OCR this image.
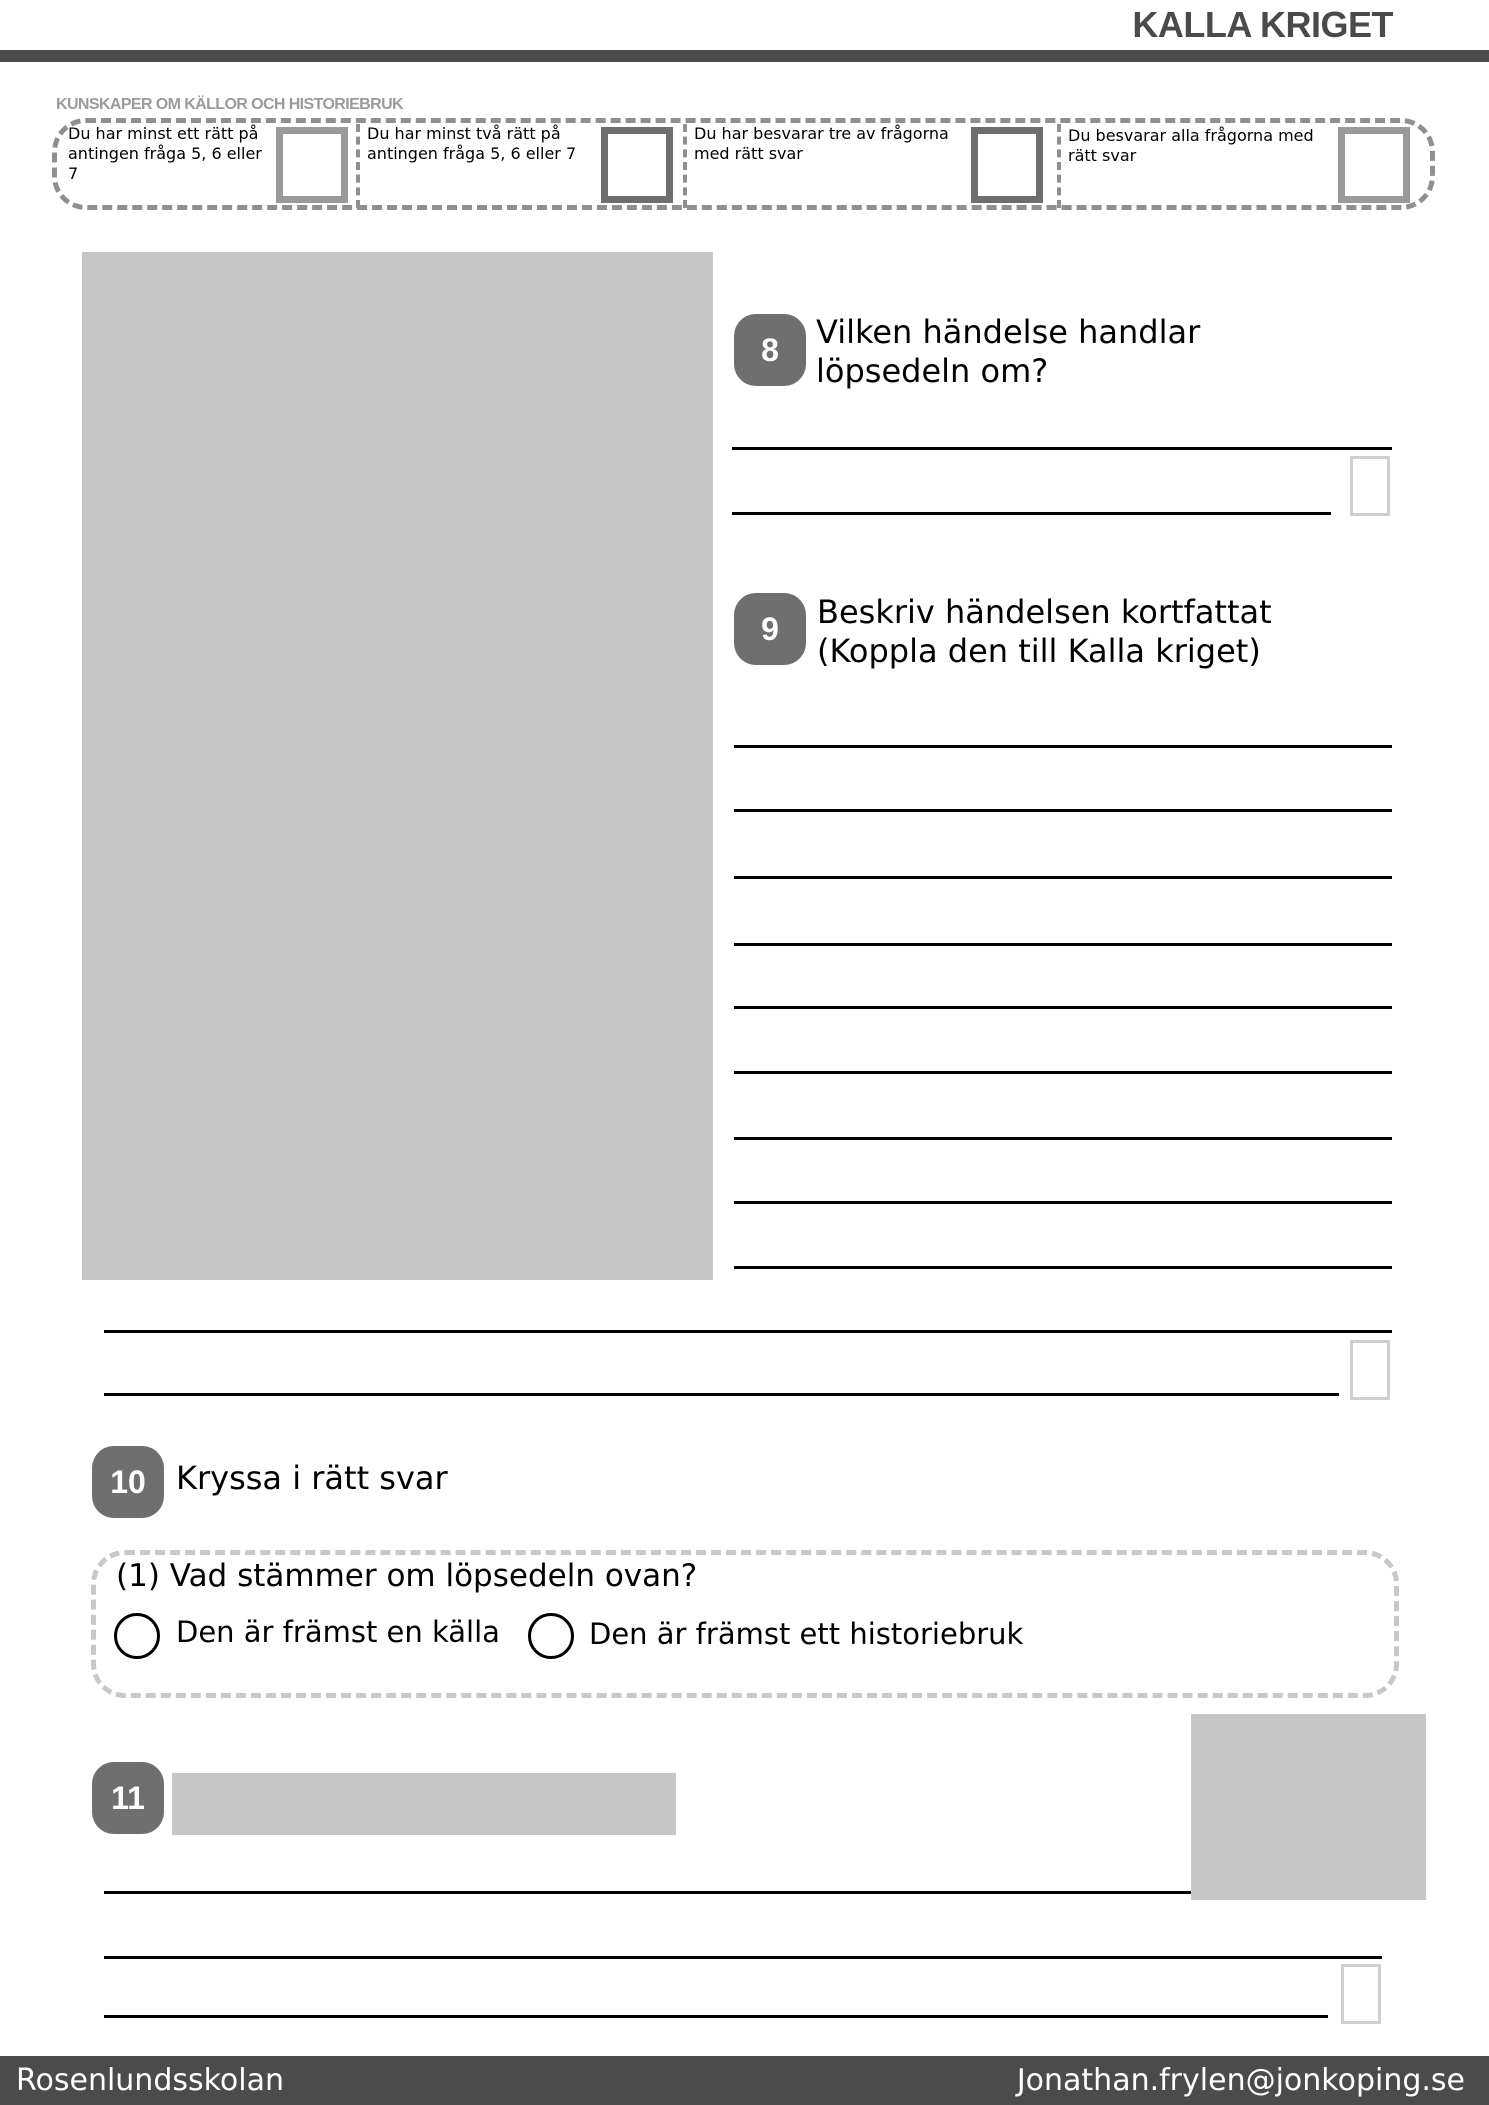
KALLA KRIGET
KUNSKAPER OM KÄLLOR OCH HISTORIEBRUK
Du har minst ett rätt på antingen fråga 5, 6 eller 7
Du har minst två rätt på antingen fråga 5, 6 eller 7
Du har besvarar tre av frågorna med rätt svar
Du besvarar alla frågorna med rätt svar
8	Vilken händelse handlar löpsedeln om?
9	Beskriv händelsen kortfattat
(Koppla den till Kalla kriget)
10 Kryssa i rätt svar
(1) Vad stämmer om löpsedeln ovan?
Den är främst en källa	Den är främst ett historiebruk
11
Rosenlundsskolan	Jonathan.frylen@jonkoping.se
